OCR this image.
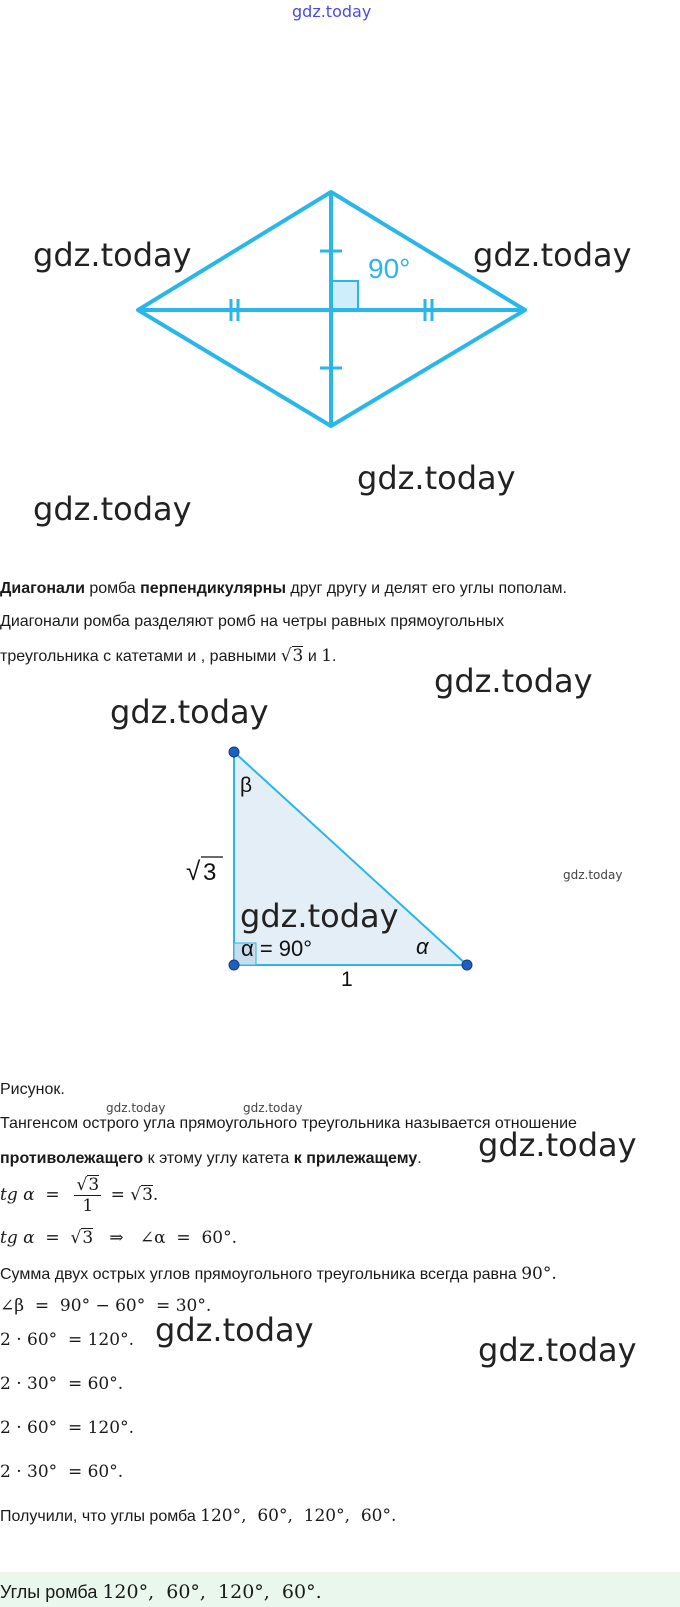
gdz.today
90°
gdz.today	gdz.today
gdz.today
gdz.today
Диагонали ромба перпендикулярны друг другу и делят его углы пополам.
Диагонали ромба разделяют ромб на четры равных прямоугольных
треугольника с катетами и , равными √3 и 1.
gdz.today
gdz.today
β
√ 3
α
α = 90°
1
gdz.today
gdz.today
Рисунок.
gdz.today	gdz.today
Тангенсом острого угла прямоугольного треугольника называется отношение
противолежащего к этому углу катета к прилежащему. gdz.today
tg $\alpha = \frac{√3}{1} = √3$.
tg α =  √3 ⇒ ∠α = 60°.
Сумма двух острых углов прямоугольного треугольника всегда равна 90°.
∠β  =  90° − 60°  = 30°.
2 · 60°  = 120°. gdz.today
gdz.today
2 · 30°  = 60°.
2 · 60°  = 120°.
2 · 30°  = 60°.
Получили, что углы ромба 120°,  60°,  120°,  60°.
Углы ромба 120°,  60°,  120°,  60°.
